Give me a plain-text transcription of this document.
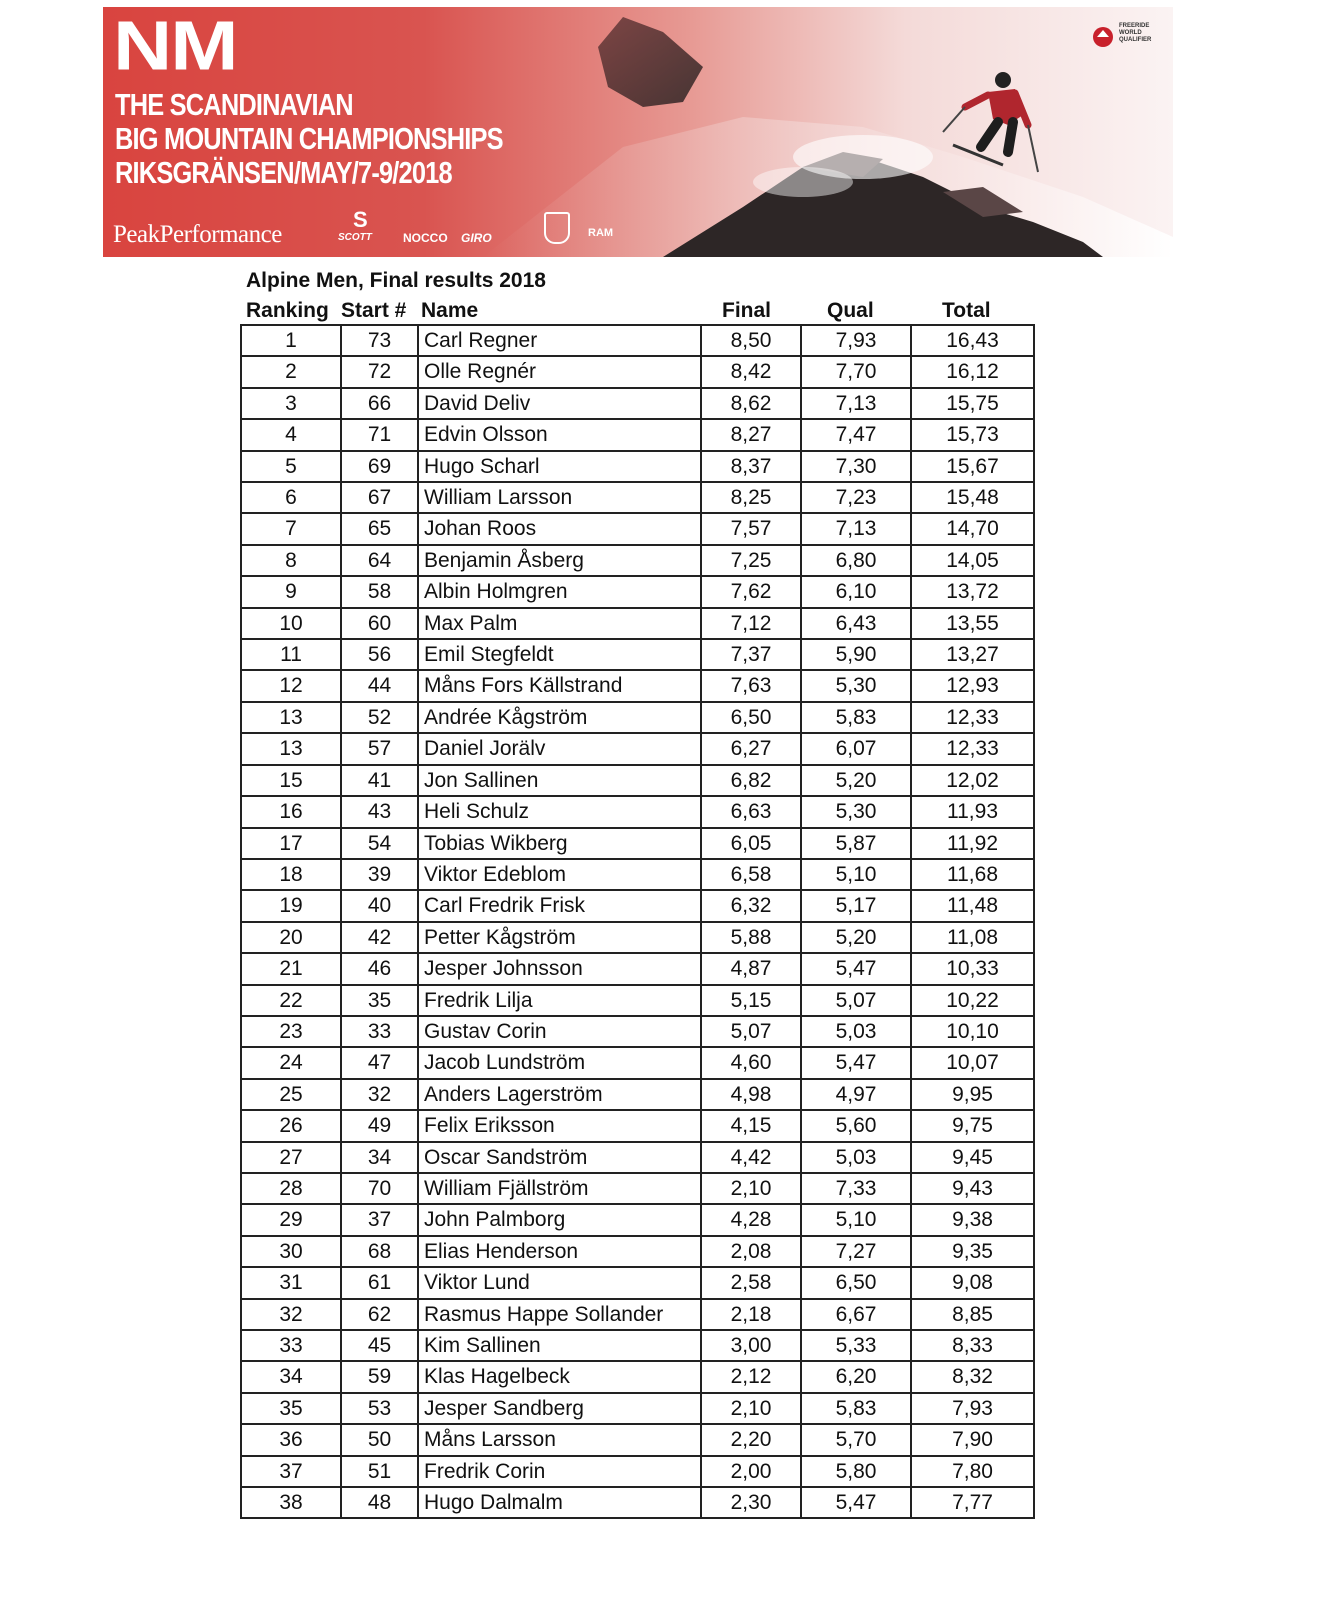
NM
THE SCANDINAVIAN
BIG MOUNTAIN CHAMPIONSHIPS
RIKSGRÄNSEN/MAY/7-9/2018
PeakPerformance
S
SCOTT	NOCCO GIRO	RAM
FREERIDE WORLD QUALIFIER
Alpine Men, Final results 2018
Ranking Start # Name	Final	Qual	Total
1	73	Carl Regner	8,50	7,93	16,43
2	72	Olle Regnér	8,42	7,70	16,12
3	66	David Deliv	8,62	7,13	15,75
4	71	Edvin Olsson	8,27	7,47	15,73
5	69	Hugo Scharl	8,37	7,30	15,67
6	67	William Larsson	8,25	7,23	15,48
7	65	Johan Roos	7,57	7,13	14,70
8	64	Benjamin Åsberg	7,25	6,80	14,05
9	58	Albin Holmgren	7,62	6,10	13,72
10	60	Max Palm	7,12	6,43	13,55
11	56	Emil Stegfeldt	7,37	5,90	13,27
12	44	Måns Fors Källstrand	7,63	5,30	12,93
13	52	Andrée Kågström	6,50	5,83	12,33
13	57	Daniel Jorälv	6,27	6,07	12,33
15	41	Jon Sallinen	6,82	5,20	12,02
16	43	Heli Schulz	6,63	5,30	11,93
17	54	Tobias Wikberg	6,05	5,87	11,92
18	39	Viktor Edeblom	6,58	5,10	11,68
19	40	Carl Fredrik Frisk	6,32	5,17	11,48
20	42	Petter Kågström	5,88	5,20	11,08
21	46	Jesper Johnsson	4,87	5,47	10,33
22	35	Fredrik Lilja	5,15	5,07	10,22
23	33	Gustav Corin	5,07	5,03	10,10
24	47	Jacob Lundström	4,60	5,47	10,07
25	32	Anders Lagerström	4,98	4,97	9,95
26	49	Felix Eriksson	4,15	5,60	9,75
27	34	Oscar Sandström	4,42	5,03	9,45
28	70	William Fjällström	2,10	7,33	9,43
29	37	John Palmborg	4,28	5,10	9,38
30	68	Elias Henderson	2,08	7,27	9,35
31	61	Viktor Lund	2,58	6,50	9,08
32	62	Rasmus Happe Sollander	2,18	6,67	8,85
33	45	Kim Sallinen	3,00	5,33	8,33
34	59	Klas Hagelbeck	2,12	6,20	8,32
35	53	Jesper Sandberg	2,10	5,83	7,93
36	50	Måns Larsson	2,20	5,70	7,90
37	51	Fredrik Corin	2,00	5,80	7,80
38	48	Hugo Dalmalm	2,30	5,47	7,77
